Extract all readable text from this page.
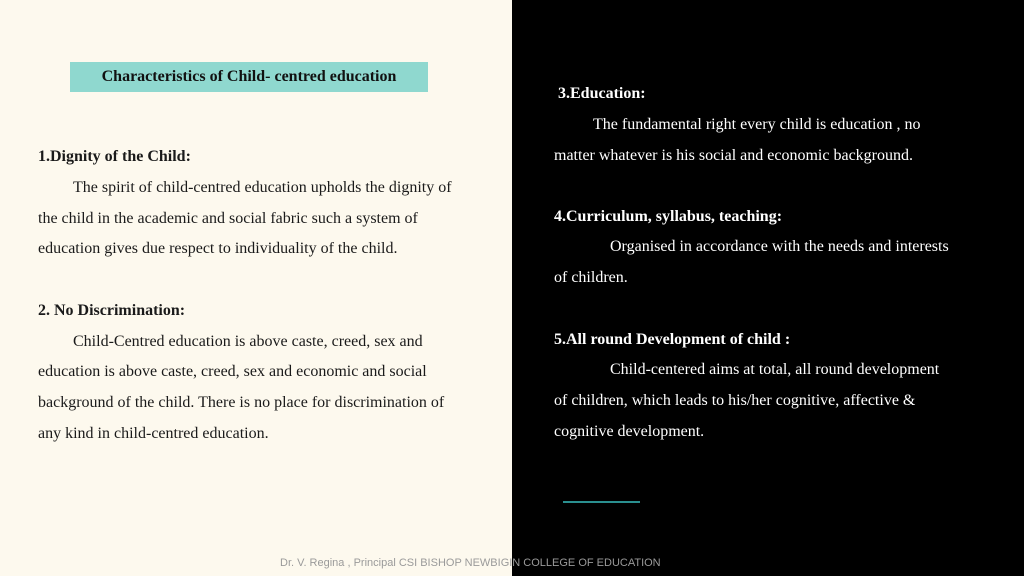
Characteristics of Child- centred education
1.Dignity of the Child:
The spirit of child-centred education upholds the dignity of
the child in the academic and social fabric such a system of
education gives due respect to individuality of the child.
2. No Discrimination:
Child-Centred education is above caste, creed, sex and
education is above caste, creed, sex and economic and social
background of the child. There is no place for discrimination of
any kind in child-centred education.
3.Education:
The fundamental right every child is education , no
matter whatever is his social and economic background.
4.Curriculum, syllabus, teaching:
Organised in accordance with the needs and interests
of children.
5.All round Development of child :
Child-centered aims at total, all round development
of children, which leads to his/her cognitive, affective &
cognitive development.
Dr. V. Regina , Principal CSI BISHOP NEWBIGIN COLLEGE OF EDUCATION
